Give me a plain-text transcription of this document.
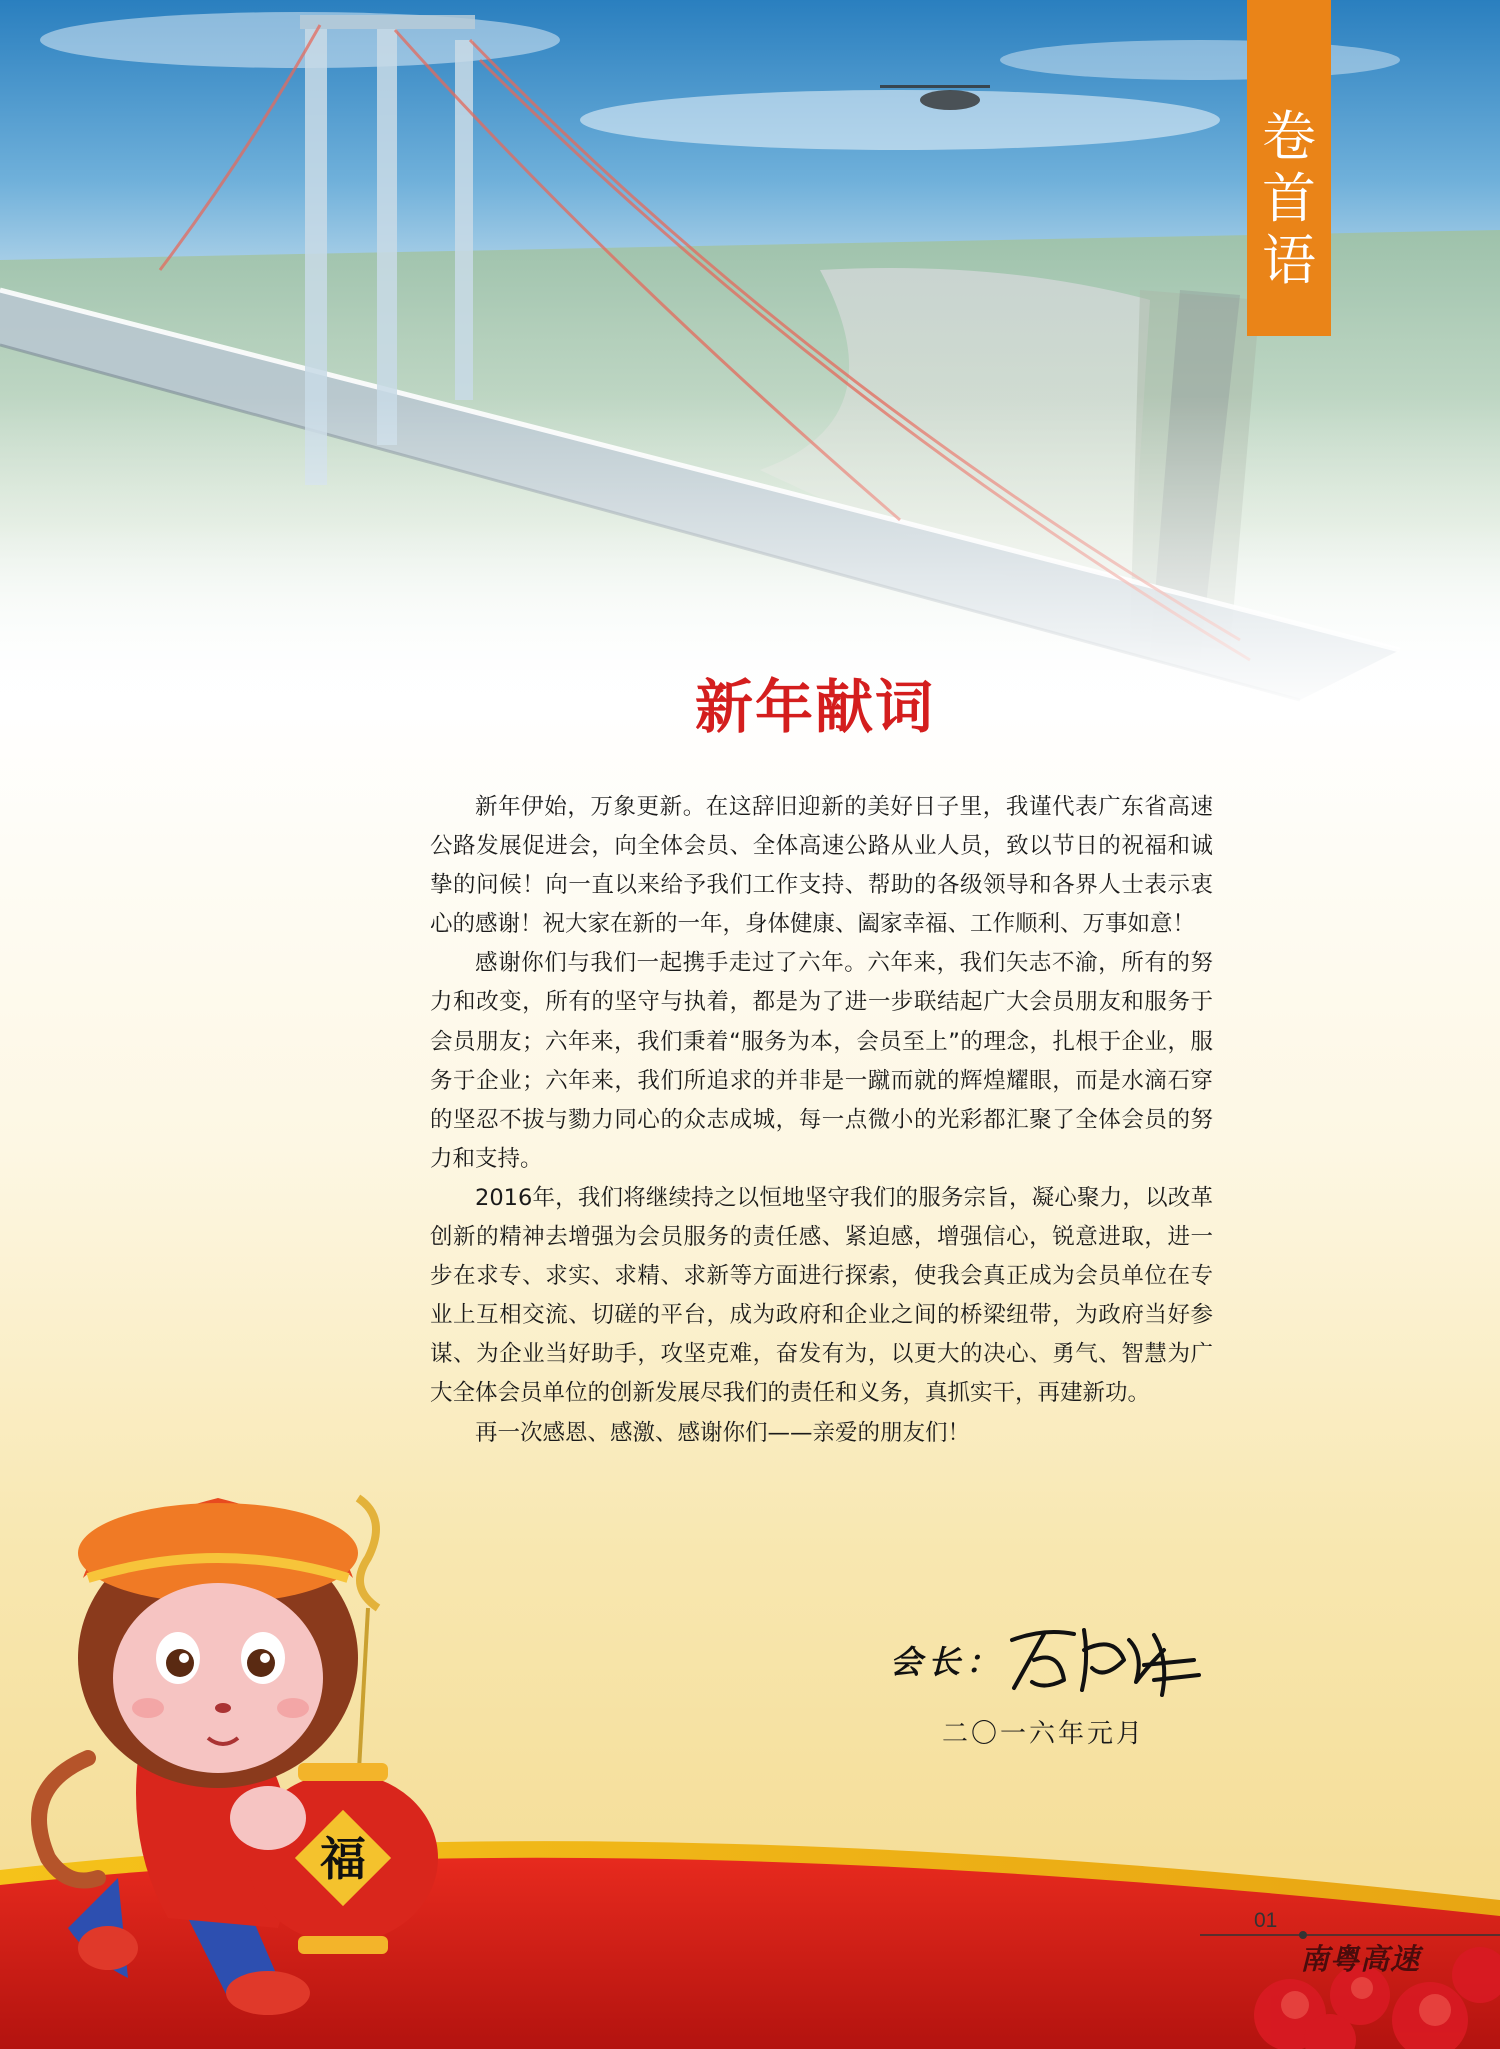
卷
首
语
新年献词

新年伊始，万象更新。在这辞旧迎新的美好日子里，我谨代表广东省高速公路发展促进会，向全体会员、全体高速公路从业人员，致以节日的祝福和诚挚的问候！向一直以来给予我们工作支持、帮助的各级领导和各界人士表示衷心的感谢！祝大家在新的一年，身体健康、阖家幸福、工作顺利、万事如意！

感谢你们与我们一起携手走过了六年。六年来，我们矢志不渝，所有的努力和改变，所有的坚守与执着，都是为了进一步联结起广大会员朋友和服务于会员朋友；六年来，我们秉着“服务为本，会员至上”的理念，扎根于企业，服务于企业；六年来，我们所追求的并非是一蹴而就的辉煌耀眼，而是水滴石穿的坚忍不拔与勠力同心的众志成城，每一点微小的光彩都汇聚了全体会员的努力和支持。

2016年，我们将继续持之以恒地坚守我们的服务宗旨，凝心聚力，以改革创新的精神去增强为会员服务的责任感、紧迫感，增强信心，锐意进取，进一步在求专、求实、求精、求新等方面进行探索，使我会真正成为会员单位在专业上互相交流、切磋的平台，成为政府和企业之间的桥梁纽带，为政府当好参谋、为企业当好助手，攻坚克难，奋发有为，以更大的决心、勇气、智慧为广大全体会员单位的创新发展尽我们的责任和义务，真抓实干，再建新功。

再一次感恩、感激、感谢你们——亲爱的朋友们！

会长：
二〇一六年元月
01
南粤高速
福
